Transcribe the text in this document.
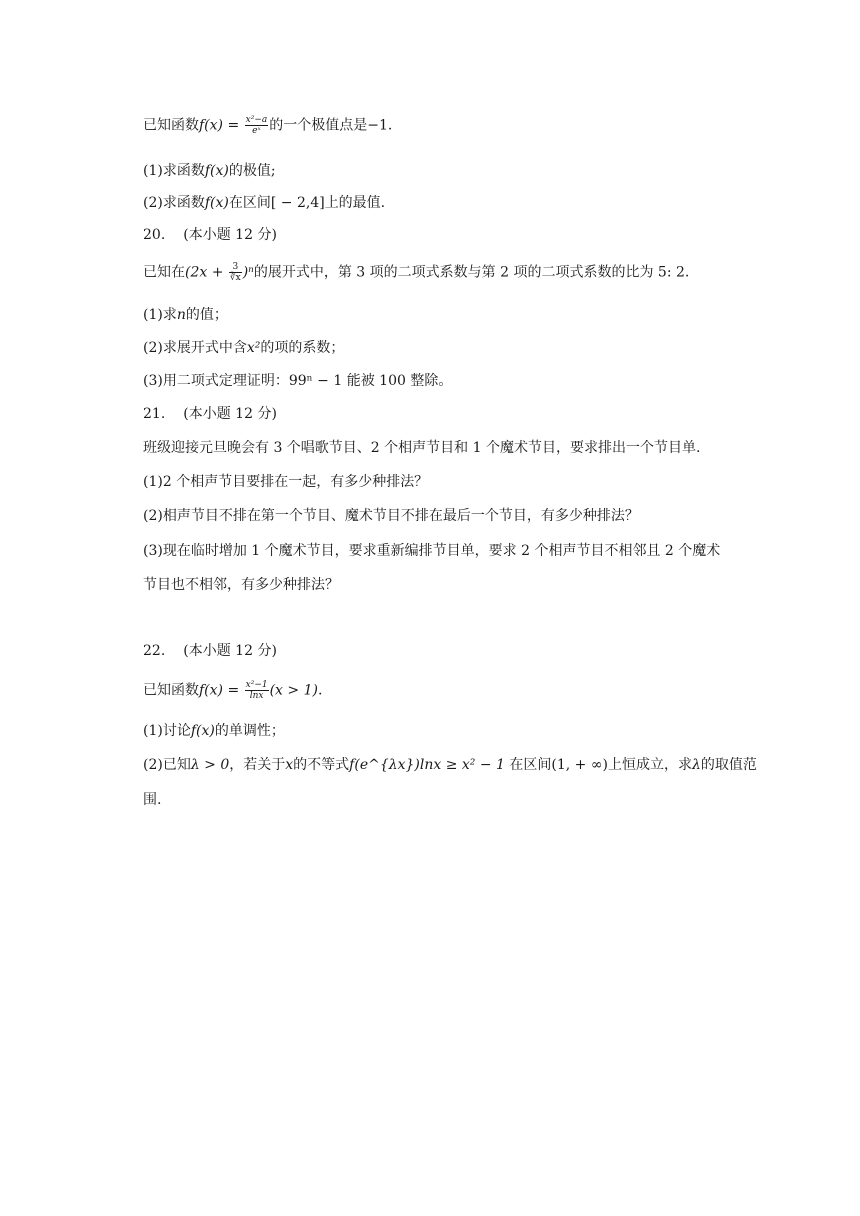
已知函数$f(x) = \frac{\text{x²−a}}{\text{eˣ}}$ 的一个极值点是−1.
(1)求函数f(x)的极值;
(2)求函数f(x)在区间[ − 2,4]上的最值.
20. (本小题 12 分)
已知在$(2x + \frac{3}{∛x} )^n$的展开式中，第 3 项的二项式系数与第 2 项的二项式系数的比为 5: 2.
(1)求n的值；
(2)求展开式中含x²的项的系数；
(3)用二项式定理证明：99ⁿ − 1 能被 100 整除。
21. (本小题 12 分)
班级迎接元旦晚会有 3 个唱歌节目、2 个相声节目和 1 个魔术节目，要求排出一个节目单.
(1)2 个相声节目要排在一起，有多少种排法？
(2)相声节目不排在第一个节目、魔术节目不排在最后一个节目，有多少种排法？
(3)现在临时增加 1 个魔术节目，要求重新编排节目单，要求 2 个相声节目不相邻且 2 个魔术
节目也不相邻，有多少种排法？
22. (本小题 12 分)
已知函数$f(x) = \frac{\text{x²−1}}{\ln x} (x > 1)$.
(1)讨论f(x)的单调性；
(2)已知λ > 0，若关于x的不等式f(e^{λx})lnx ≥ x² − 1 在区间(1, + ∞)上恒成立，求λ的取值范
围.
